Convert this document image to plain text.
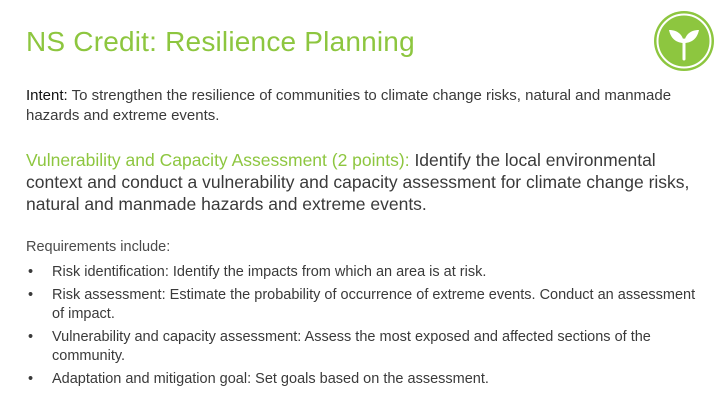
NS Credit: Resilience Planning
Intent: To strengthen the resilience of communities to climate change risks, natural and manmade hazards and extreme events.
Vulnerability and Capacity Assessment (2 points): Identify the local environmental context and conduct a vulnerability and capacity assessment for climate change risks, natural and manmade hazards and extreme events.
Requirements include:
• Risk identification: Identify the impacts from which an area is at risk.
• Risk assessment: Estimate the probability of occurrence of extreme events. Conduct an assessment of impact.
• Vulnerability and capacity assessment: Assess the most exposed and affected sections of the community.
• Adaptation and mitigation goal: Set goals based on the assessment.
